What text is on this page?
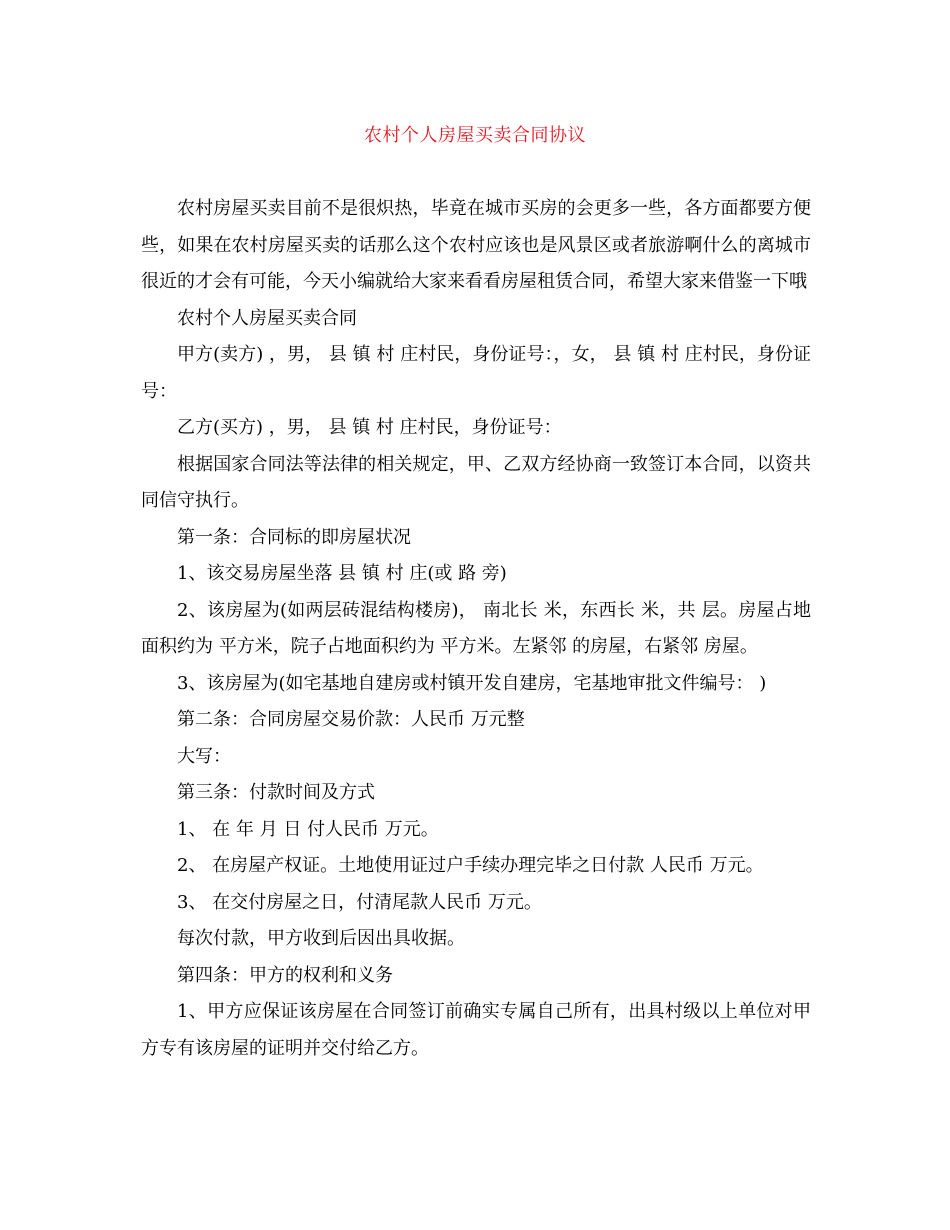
农村个人房屋买卖合同协议

农村房屋买卖目前不是很炽热，毕竟在城市买房的会更多一些，各方面都要方便些，如果在农村房屋买卖的话那么这个农村应该也是风景区或者旅游啊什么的离城市很近的才会有可能，今天小编就给大家来看看房屋租赁合同，希望大家来借鉴一下哦

农村个人房屋买卖合同

甲方(卖方) ，男， 县 镇 村 庄村民，身份证号：，女， 县 镇 村 庄村民，身份证号：

乙方(买方) ，男， 县 镇 村 庄村民，身份证号：

根据国家合同法等法律的相关规定，甲、乙双方经协商一致签订本合同，以资共同信守执行。

第一条：合同标的即房屋状况

1、该交易房屋坐落 县 镇 村 庄(或 路 旁)

2、该房屋为(如两层砖混结构楼房)， 南北长 米，东西长 米，共 层。房屋占地面积约为 平方米，院子占地面积约为 平方米。左紧邻 的房屋，右紧邻 房屋。

3、该房屋为(如宅基地自建房或村镇开发自建房，宅基地审批文件编号： )

第二条：合同房屋交易价款：人民币 万元整

大写：

第三条：付款时间及方式

1、 在 年 月 日 付人民币 万元。

2、 在房屋产权证。土地使用证过户手续办理完毕之日付款 人民币 万元。

3、 在交付房屋之日，付清尾款人民币 万元。

每次付款，甲方收到后因出具收据。

第四条：甲方的权利和义务

1、甲方应保证该房屋在合同签订前确实专属自己所有，出具村级以上单位对甲方专有该房屋的证明并交付给乙方。
